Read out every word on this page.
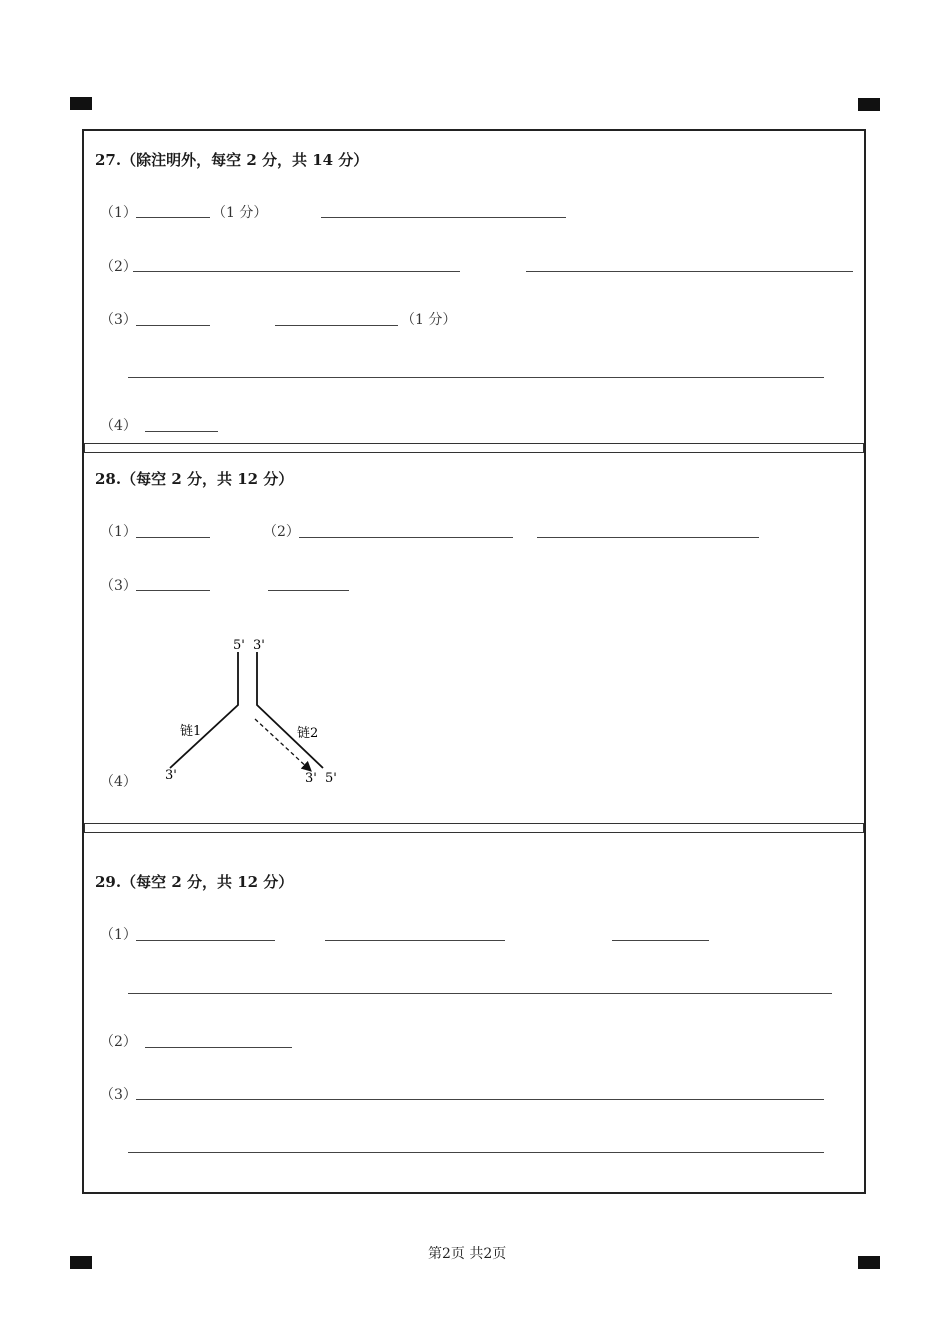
27.（除注明外，每空 2 分，共 14 分）
（1）	（1 分）
（2）
（3）	（1 分）
（4）
28.（每空 2 分，共 12 分）
（1）	（2）
（3）
（4）
5' 3'
链1	链2
3'	3' 5'
29.（每空 2 分，共 12 分）
（1）
（2）
（3）
第2页 共2页
